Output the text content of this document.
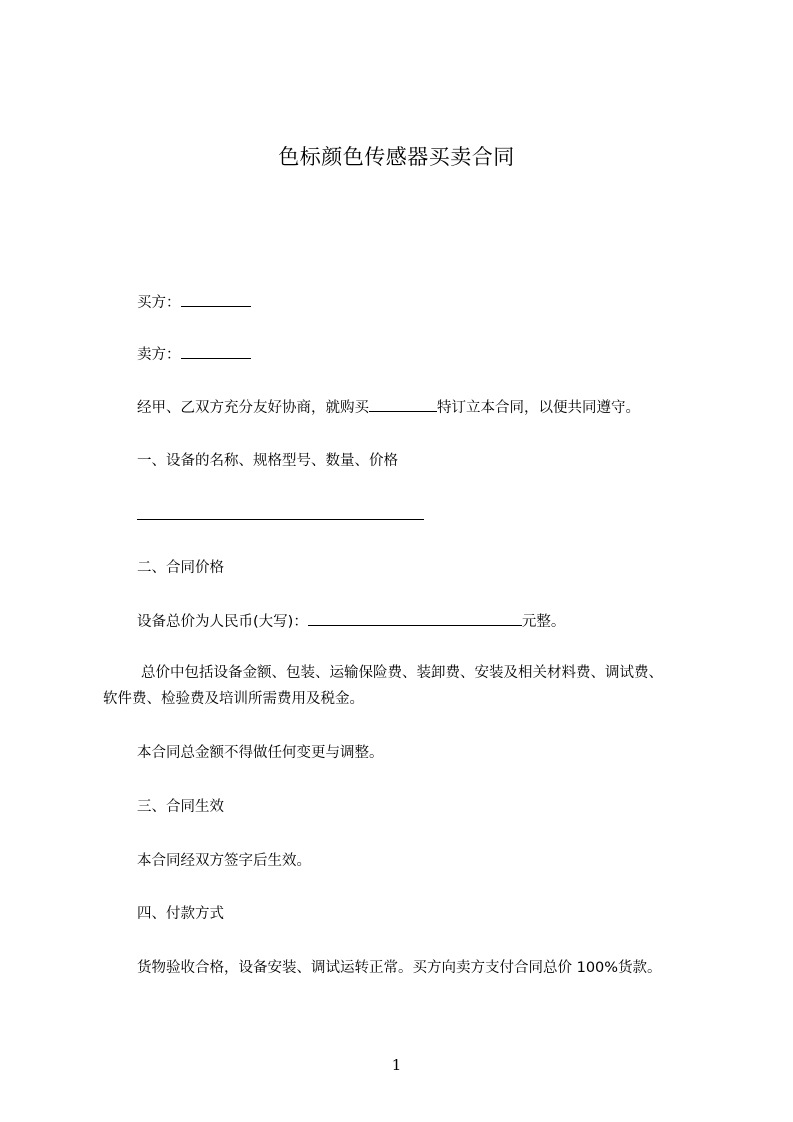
色标颜色传感器买卖合同
买方：
卖方：
经甲、乙双方充分友好协商，就购买	特订立本合同，以便共同遵守。
一、设备的名称、规格型号、数量、价格
二、合同价格
设备总价为人民币(大写)：	元整。
总价中包括设备金额、包装、运输保险费、装卸费、安装及相关材料费、调试费、
软件费、检验费及培训所需费用及税金。
本合同总金额不得做任何变更与调整。
三、合同生效
本合同经双方签字后生效。
四、付款方式
货物验收合格，设备安装、调试运转正常。买方向卖方支付合同总价 100%货款。
1
